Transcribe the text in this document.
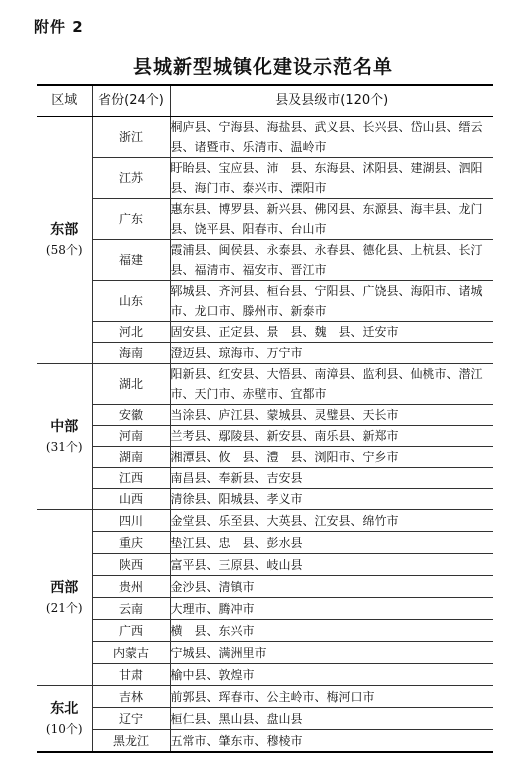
附件 2
县城新型城镇化建设示范名单
区域	省份(24个)	县及县级市(120个)

东部
(58个)	浙江	桐庐县、宁海县、海盐县、武义县、长兴县、岱山县、缙云县、诸暨市、乐清市、温岭市
	江苏	盱眙县、宝应县、沛　县、东海县、沭阳县、建湖县、泗阳县、海门市、泰兴市、溧阳市
	广东	惠东县、博罗县、新兴县、佛冈县、东源县、海丰县、龙门县、饶平县、阳春市、台山市
	福建	霞浦县、闽侯县、永泰县、永春县、德化县、上杭县、长汀县、福清市、福安市、晋江市
	山东	郓城县、齐河县、桓台县、宁阳县、广饶县、海阳市、诸城市、龙口市、滕州市、新泰市
	河北	固安县、正定县、景　县、魏　县、迁安市
	海南	澄迈县、琼海市、万宁市

中部
(31个)	湖北	阳新县、红安县、大悟县、南漳县、监利县、仙桃市、潜江市、天门市、赤壁市、宜都市
	安徽	当涂县、庐江县、蒙城县、灵璧县、天长市
	河南	兰考县、鄢陵县、新安县、南乐县、新郑市
	湖南	湘潭县、攸　县、澧　县、浏阳市、宁乡市
	江西	南昌县、奉新县、吉安县
	山西	清徐县、阳城县、孝义市

西部
(21个)	四川	金堂县、乐至县、大英县、江安县、绵竹市
	重庆	垫江县、忠　县、彭水县
	陕西	富平县、三原县、岐山县
	贵州	金沙县、清镇市
	云南	大理市、腾冲市
	广西	横　县、东兴市
	内蒙古	宁城县、满洲里市
	甘肃	榆中县、敦煌市

东北
(10个)	吉林	前郭县、珲春市、公主岭市、梅河口市
	辽宁	桓仁县、黑山县、盘山县
	黑龙江	五常市、肇东市、穆棱市
